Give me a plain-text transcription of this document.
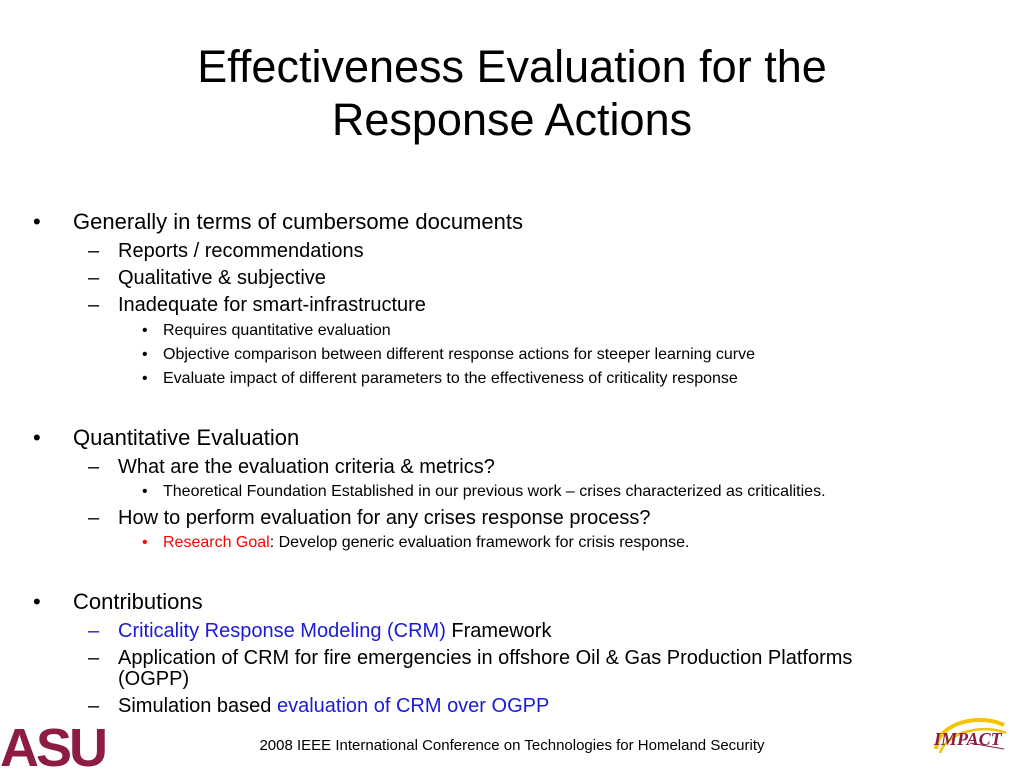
Effectiveness Evaluation for the
Response Actions
• Generally in terms of cumbersome documents
– Reports / recommendations
– Qualitative & subjective
– Inadequate for smart-infrastructure
• Requires quantitative evaluation
• Objective comparison between different response actions for steeper learning curve
• Evaluate impact of different parameters to the effectiveness of criticality response
• Quantitative Evaluation
– What are the evaluation criteria & metrics?
• Theoretical Foundation Established in our previous work – crises characterized as criticalities.
– How to perform evaluation for any crises response process?
• Research Goal: Develop generic evaluation framework for crisis response.
• Contributions
– Criticality Response Modeling (CRM) Framework
– Application of CRM for fire emergencies in offshore Oil & Gas Production Platforms
(OGPP)
– Simulation based evaluation of CRM over OGPP
ASU	2008 IEEE International Conference on Technologies for Homeland Security	IMPACT
